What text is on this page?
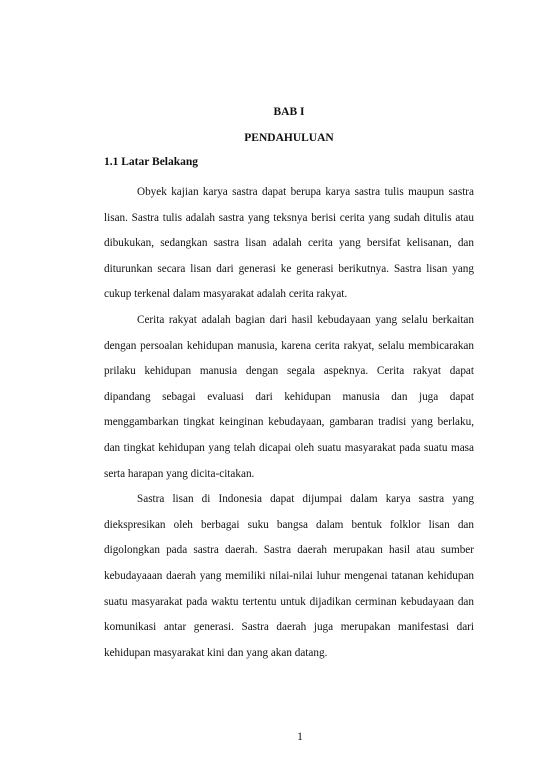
BAB I
PENDAHULUAN
1.1 Latar Belakang

Obyek kajian karya sastra dapat berupa karya sastra tulis maupun sastra lisan. Sastra tulis adalah sastra yang teksnya berisi cerita yang sudah ditulis atau dibukukan, sedangkan sastra lisan adalah cerita yang bersifat kelisanan, dan diturunkan secara lisan dari generasi ke generasi berikutnya. Sastra lisan yang cukup terkenal dalam masyarakat adalah cerita rakyat.

Cerita rakyat adalah bagian dari hasil kebudayaan yang selalu berkaitan dengan persoalan kehidupan manusia, karena cerita rakyat, selalu membicarakan prilaku kehidupan manusia dengan segala aspeknya. Cerita rakyat dapat dipandang sebagai evaluasi dari kehidupan manusia dan juga dapat menggambarkan tingkat keinginan kebudayaan, gambaran tradisi yang berlaku, dan tingkat kehidupan yang telah dicapai oleh suatu masyarakat pada suatu masa serta harapan yang dicita-citakan.

Sastra lisan di Indonesia dapat dijumpai dalam karya sastra yang diekspresikan oleh berbagai suku bangsa dalam bentuk folklor lisan dan digolongkan pada sastra daerah. Sastra daerah merupakan hasil atau sumber kebudayaaan daerah yang memiliki nilai-nilai luhur mengenai tatanan kehidupan suatu masyarakat pada waktu tertentu untuk dijadikan cerminan kebudayaan dan komunikasi antar generasi. Sastra daerah juga merupakan manifestasi dari kehidupan masyarakat kini dan yang akan datang.

1
